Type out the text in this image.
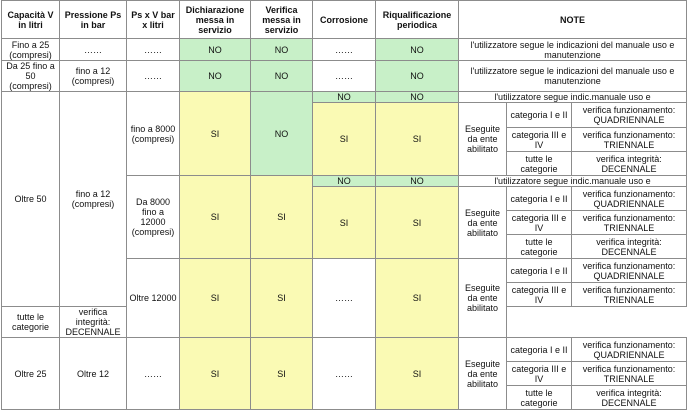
Capacità V in litri	Pressione Ps in bar	Ps x V bar x litri	Dichiarazione messa in servizio	Verifica messa in servizio	Corrosione	Riqualificazione periodica	NOTE		
Fino a 25 (compresi)	……	……	NO	NO	……	NO	l'utilizzatore segue le indicazioni del manuale uso e manutenzione		
Da 25 fino a 50 (compresi)	fino a 12 (compresi)	……	NO	NO	……	NO	l'utilizzatore segue le indicazioni del manuale uso e manutenzione		
Oltre 50	fino a 12 (compresi)	fino a 8000 (compresi)	SI	NO	NO	NO	l'utilizzatore segue indic.manuale uso e		
					SI	SI	Eseguite da ente abilitato	categoria I e II	verifica funzionamento: QUADRIENNALE
								categoria III e IV	verifica funzionamento: TRIENNALE
								tutte le categorie	verifica integrità: DECENNALE
		Da 8000 fino a 12000 (compresi)	SI	SI	NO	NO	l'utilizzatore segue indic.manuale uso e		
					SI	SI	Eseguite da ente abilitato	categoria I e II	verifica funzionamento: QUADRIENNALE
								categoria III e IV	verifica funzionamento: TRIENNALE
								tutte le categorie	verifica integrità: DECENNALE
		Oltre 12000	SI	SI	……	SI	Eseguite da ente abilitato	categoria I e II	verifica funzionamento: QUADRIENNALE
								categoria III e IV	verifica funzionamento: TRIENNALE
tutte le categorie	verifica integrità: DECENNALE								
Oltre 25	Oltre 12	……	SI	SI	……	SI	Eseguite da ente abilitato	categoria I e II	verifica funzionamento: QUADRIENNALE
								categoria III e IV	verifica funzionamento: TRIENNALE
								tutte le categorie	verifica integrità: DECENNALE
